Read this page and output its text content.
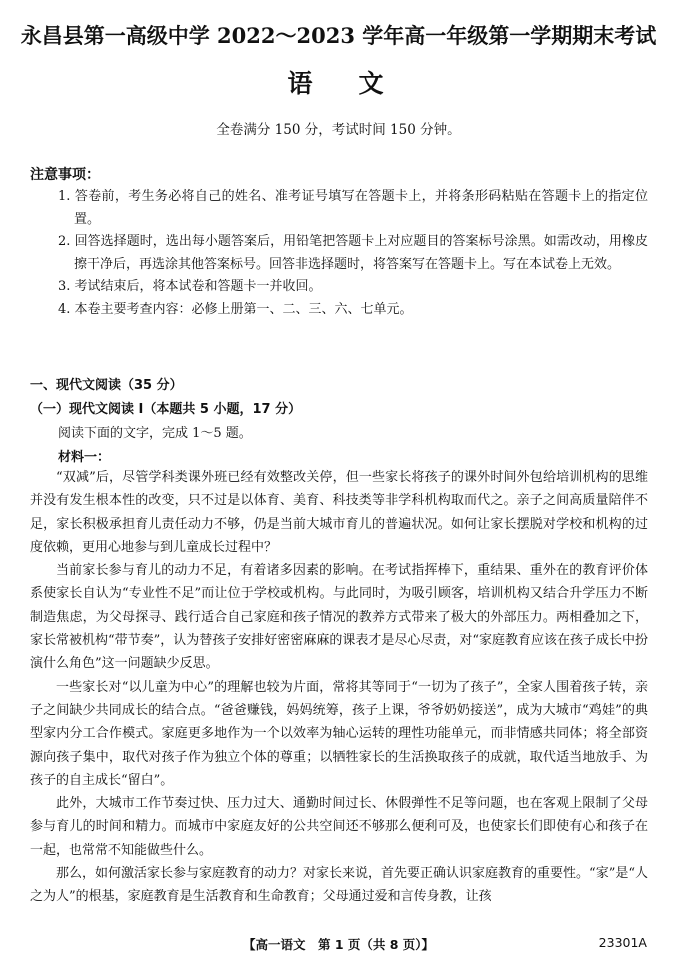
永昌县第一高级中学 2022～2023 学年高一年级第一学期期末考试
语文
全卷满分 150 分，考试时间 150 分钟。
注意事项：

1. 答卷前，考生务必将自己的姓名、准考证号填写在答题卡上，并将条形码粘贴在答题卡上的指定位置。

2. 回答选择题时，选出每小题答案后，用铅笔把答题卡上对应题目的答案标号涂黑。如需改动，用橡皮擦干净后，再选涂其他答案标号。回答非选择题时，将答案写在答题卡上。写在本试卷上无效。

3. 考试结束后，将本试卷和答题卡一并收回。

4. 本卷主要考查内容：必修上册第一、二、三、六、七单元。

一、现代文阅读（35 分）
（一）现代文阅读 Ⅰ（本题共 5 小题，17 分）
阅读下面的文字，完成 1～5 题。
材料一：

“双减”后，尽管学科类课外班已经有效整改关停，但一些家长将孩子的课外时间外包给培训机构的思维并没有发生根本性的改变，只不过是以体育、美育、科技类等非学科机构取而代之。亲子之间高质量陪伴不足，家长积极承担育儿责任动力不够，仍是当前大城市育儿的普遍状况。如何让家长摆脱对学校和机构的过度依赖，更用心地参与到儿童成长过程中？

当前家长参与育儿的动力不足，有着诸多因素的影响。在考试指挥棒下，重结果、重外在的教育评价体系使家长自认为“专业性不足”而让位于学校或机构。与此同时，为吸引顾客，培训机构又结合升学压力不断制造焦虑，为父母探寻、践行适合自己家庭和孩子情况的教养方式带来了极大的外部压力。两相叠加之下，家长常被机构“带节奏”，认为替孩子安排好密密麻麻的课表才是尽心尽责，对“家庭教育应该在孩子成长中扮演什么角色”这一问题缺少反思。

一些家长对“以儿童为中心”的理解也较为片面，常将其等同于“一切为了孩子”，全家人围着孩子转，亲子之间缺少共同成长的结合点。“爸爸赚钱，妈妈统筹，孩子上课，爷爷奶奶接送”，成为大城市“鸡娃”的典型家内分工合作模式。家庭更多地作为一个以效率为轴心运转的理性功能单元，而非情感共同体；将全部资源向孩子集中，取代对孩子作为独立个体的尊重；以牺牲家长的生活换取孩子的成就，取代适当地放手、为孩子的自主成长“留白”。

此外，大城市工作节奏过快、压力过大、通勤时间过长、休假弹性不足等问题，也在客观上限制了父母参与育儿的时间和精力。而城市中家庭友好的公共空间还不够那么便利可及，也使家长们即使有心和孩子在一起，也常常不知能做些什么。

那么，如何激活家长参与家庭教育的动力？对家长来说，首先要正确认识家庭教育的重要性。“家”是“人之为人”的根基，家庭教育是生活教育和生命教育；父母通过爱和言传身教，让孩

【高一语文　第 1 页（共 8 页）】	23301A
